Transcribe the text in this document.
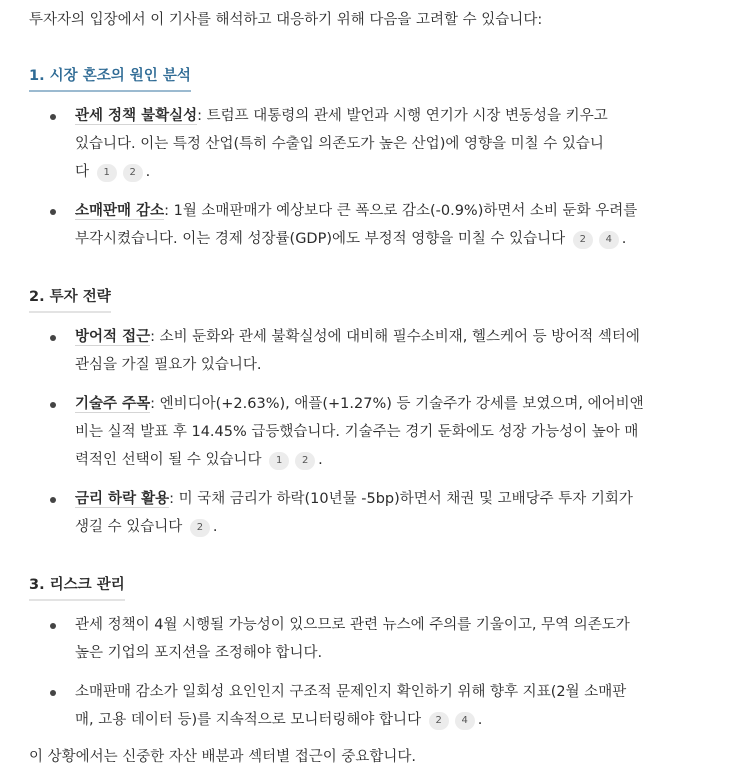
투자자의 입장에서 이 기사를 해석하고 대응하기 위해 다음을 고려할 수 있습니다:
1. 시장 혼조의 원인 분석
관세 정책 불확실성: 트럼프 대통령의 관세 발언과 시행 연기가 시장 변동성을 키우고
있습니다. 이는 특정 산업(특히 수출입 의존도가 높은 산업)에 영향을 미칠 수 있습니
다 1 2 .
소매판매 감소: 1월 소매판매가 예상보다 큰 폭으로 감소(-0.9%)하면서 소비 둔화 우려를
부각시켰습니다. 이는 경제 성장률(GDP)에도 부정적 영향을 미칠 수 있습니다 2 4 .
2. 투자 전략
방어적 접근: 소비 둔화와 관세 불확실성에 대비해 필수소비재, 헬스케어 등 방어적 섹터에
관심을 가질 필요가 있습니다.
기술주 주목: 엔비디아(+2.63%), 애플(+1.27%) 등 기술주가 강세를 보였으며, 에어비앤
비는 실적 발표 후 14.45% 급등했습니다. 기술주는 경기 둔화에도 성장 가능성이 높아 매
력적인 선택이 될 수 있습니다 1 2 .
금리 하락 활용: 미 국채 금리가 하락(10년물 -5bp)하면서 채권 및 고배당주 투자 기회가
생길 수 있습니다 2 .
3. 리스크 관리
관세 정책이 4월 시행될 가능성이 있으므로 관련 뉴스에 주의를 기울이고, 무역 의존도가
높은 기업의 포지션을 조정해야 합니다.
소매판매 감소가 일회성 요인인지 구조적 문제인지 확인하기 위해 향후 지표(2월 소매판
매, 고용 데이터 등)를 지속적으로 모니터링해야 합니다 2 4 .
이 상황에서는 신중한 자산 배분과 섹터별 접근이 중요합니다.
